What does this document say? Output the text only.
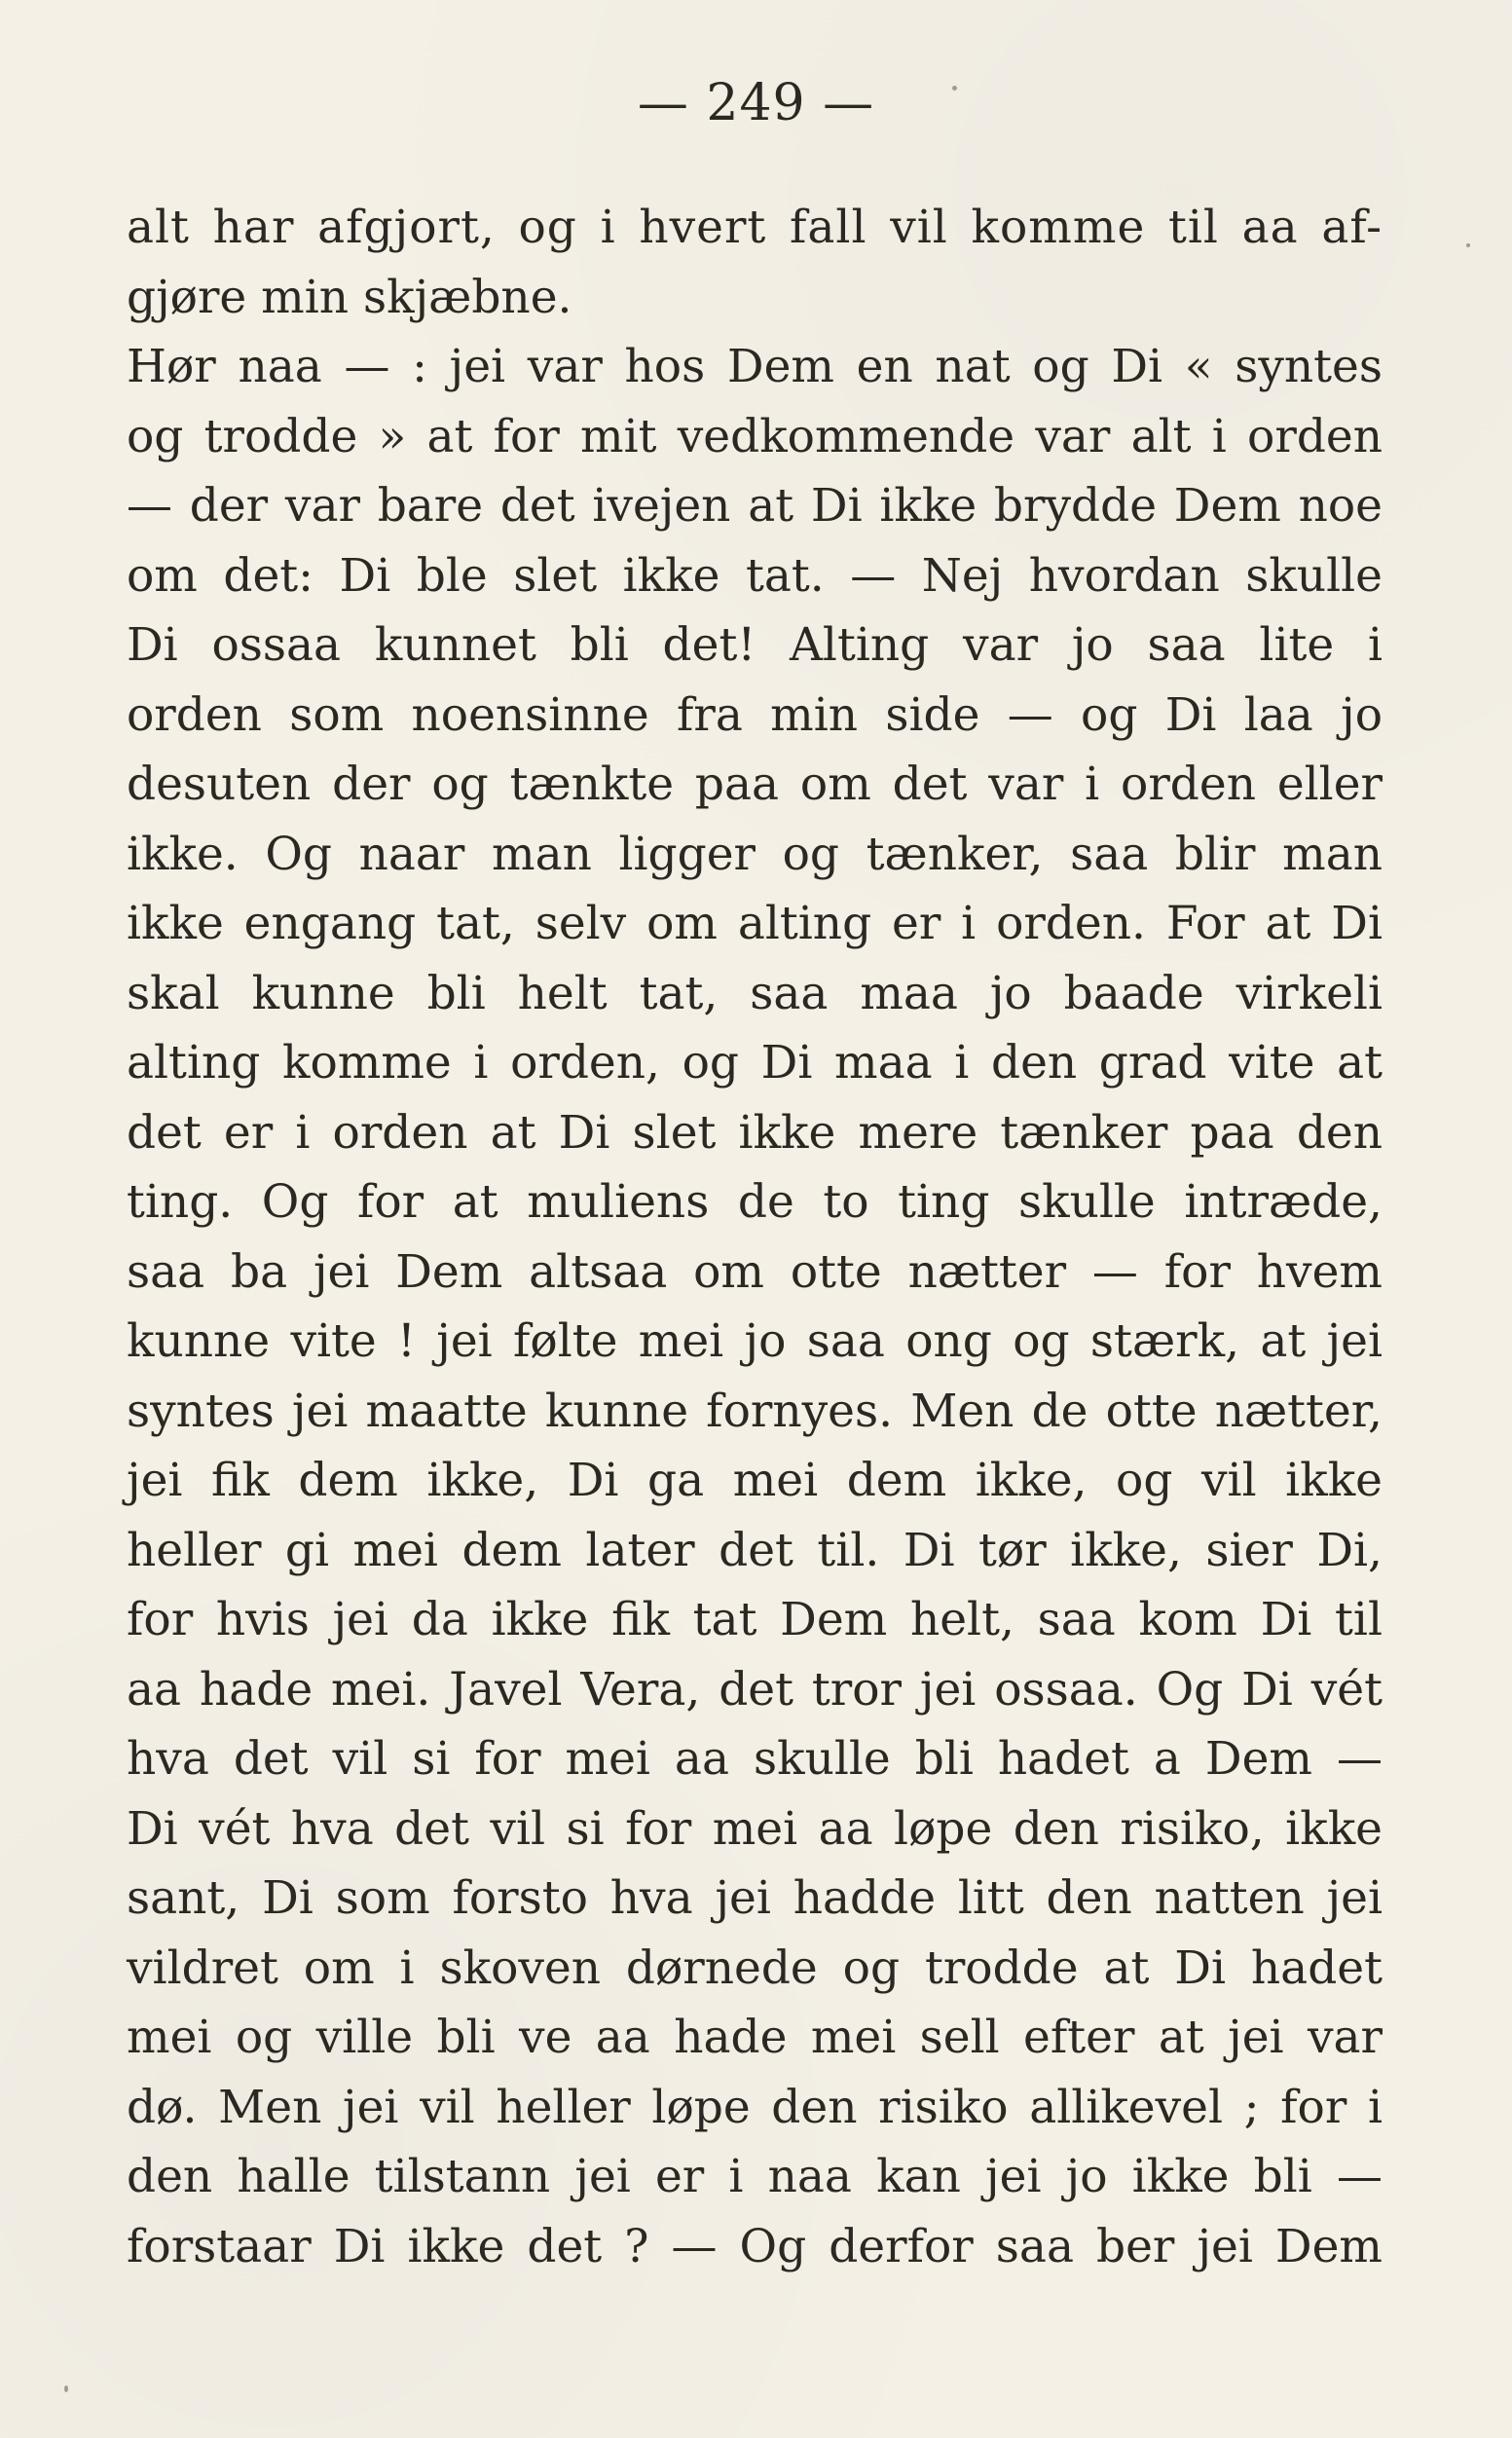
— 249 —
alt har afgjort, og i hvert fall vil komme til aa af-
gjøre min skjæbne.
Hør naa — : jei var hos Dem en nat og Di « syntes
og trodde » at for mit vedkommende var alt i orden
— der var bare det ivejen at Di ikke brydde Dem noe
om det: Di ble slet ikke tat. — Nej hvordan skulle
Di ossaa kunnet bli det! Alting var jo saa lite i
orden som noensinne fra min side — og Di laa jo
desuten der og tænkte paa om det var i orden eller
ikke. Og naar man ligger og tænker, saa blir man
ikke engang tat, selv om alting er i orden. For at Di
skal kunne bli helt tat, saa maa jo baade virkeli
alting komme i orden, og Di maa i den grad vite at
det er i orden at Di slet ikke mere tænker paa den
ting. Og for at muliens de to ting skulle intræde,
saa ba jei Dem altsaa om otte nætter — for hvem
kunne vite ! jei følte mei jo saa ong og stærk, at jei
syntes jei maatte kunne fornyes. Men de otte nætter,
jei fik dem ikke, Di ga mei dem ikke, og vil ikke
heller gi mei dem later det til. Di tør ikke, sier Di,
for hvis jei da ikke fik tat Dem helt, saa kom Di til
aa hade mei. Javel Vera, det tror jei ossaa. Og Di vét
hva det vil si for mei aa skulle bli hadet a Dem —
Di vét hva det vil si for mei aa løpe den risiko, ikke
sant, Di som forsto hva jei hadde litt den natten jei
vildret om i skoven dørnede og trodde at Di hadet
mei og ville bli ve aa hade mei sell efter at jei var
dø. Men jei vil heller løpe den risiko allikevel ; for i
den halle tilstann jei er i naa kan jei jo ikke bli —
forstaar Di ikke det ? — Og derfor saa ber jei Dem
